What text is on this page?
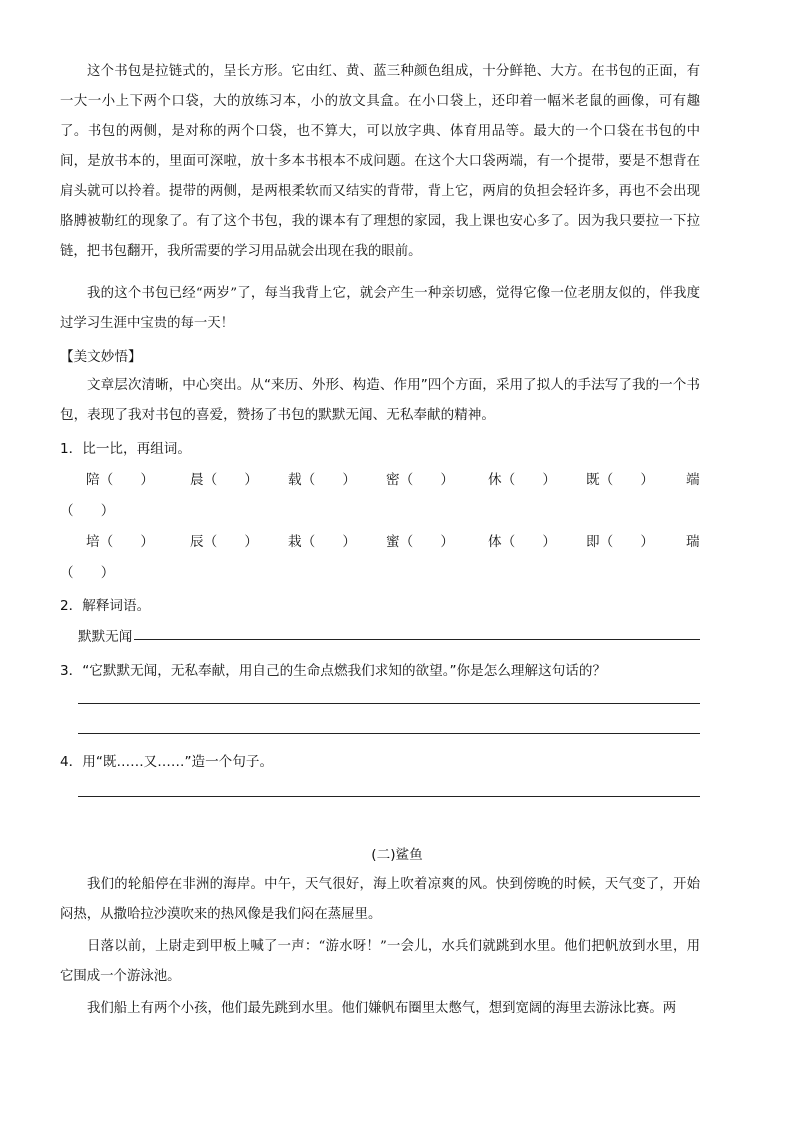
这个书包是拉链式的，呈长方形。它由红、黄、蓝三种颜色组成，十分鲜艳、大方。在书包的正面，有一大一小上下两个口袋，大的放练习本，小的放文具盒。在小口袋上，还印着一幅米老鼠的画像，可有趣了。书包的两侧，是对称的两个口袋，也不算大，可以放字典、体育用品等。最大的一个口袋在书包的中间，是放书本的，里面可深啦，放十多本书根本不成问题。在这个大口袋两端，有一个提带，要是不想背在肩头就可以拎着。提带的两侧，是两根柔软而又结实的背带，背上它，两肩的负担会轻许多，再也不会出现胳膊被勒红的现象了。有了这个书包，我的课本有了理想的家园，我上课也安心多了。因为我只要拉一下拉链，把书包翻开，我所需要的学习用品就会出现在我的眼前。

我的这个书包已经“两岁”了，每当我背上它，就会产生一种亲切感，觉得它像一位老朋友似的，伴我度过学习生涯中宝贵的每一天！

【美文妙悟】

文章层次清晰，中心突出。从“来历、外形、构造、作用”四个方面，采用了拟人的手法写了我的一个书包，表现了我对书包的喜爱，赞扬了书包的默默无闻、无私奉献的精神。

1．比一比，再组词。
陪（　　）	晨（　　） 载（　　） 密（　　）	休（　　） 既（　　） 端
（　　）
培（　　）	辰（　　） 栽（　　） 蜜（　　）	体（　　） 即（　　） 瑞
（　　）
2．解释词语。
默默无闻
3．“它默默无闻，无私奉献，用自己的生命点燃我们求知的欲望。”你是怎么理解这句话的？
4．用“既……又……”造一个句子。
(二)鲨鱼

我们的轮船停在非洲的海岸。中午，天气很好，海上吹着凉爽的风。快到傍晚的时候，天气变了，开始闷热，从撒哈拉沙漠吹来的热风像是我们闷在蒸屉里。

日落以前，上尉走到甲板上喊了一声：“游水呀！”一会儿，水兵们就跳到水里。他们把帆放到水里，用它围成一个游泳池。

我们船上有两个小孩，他们最先跳到水里。他们嫌帆布圈里太憋气，想到宽阔的海里去游泳比赛。两
